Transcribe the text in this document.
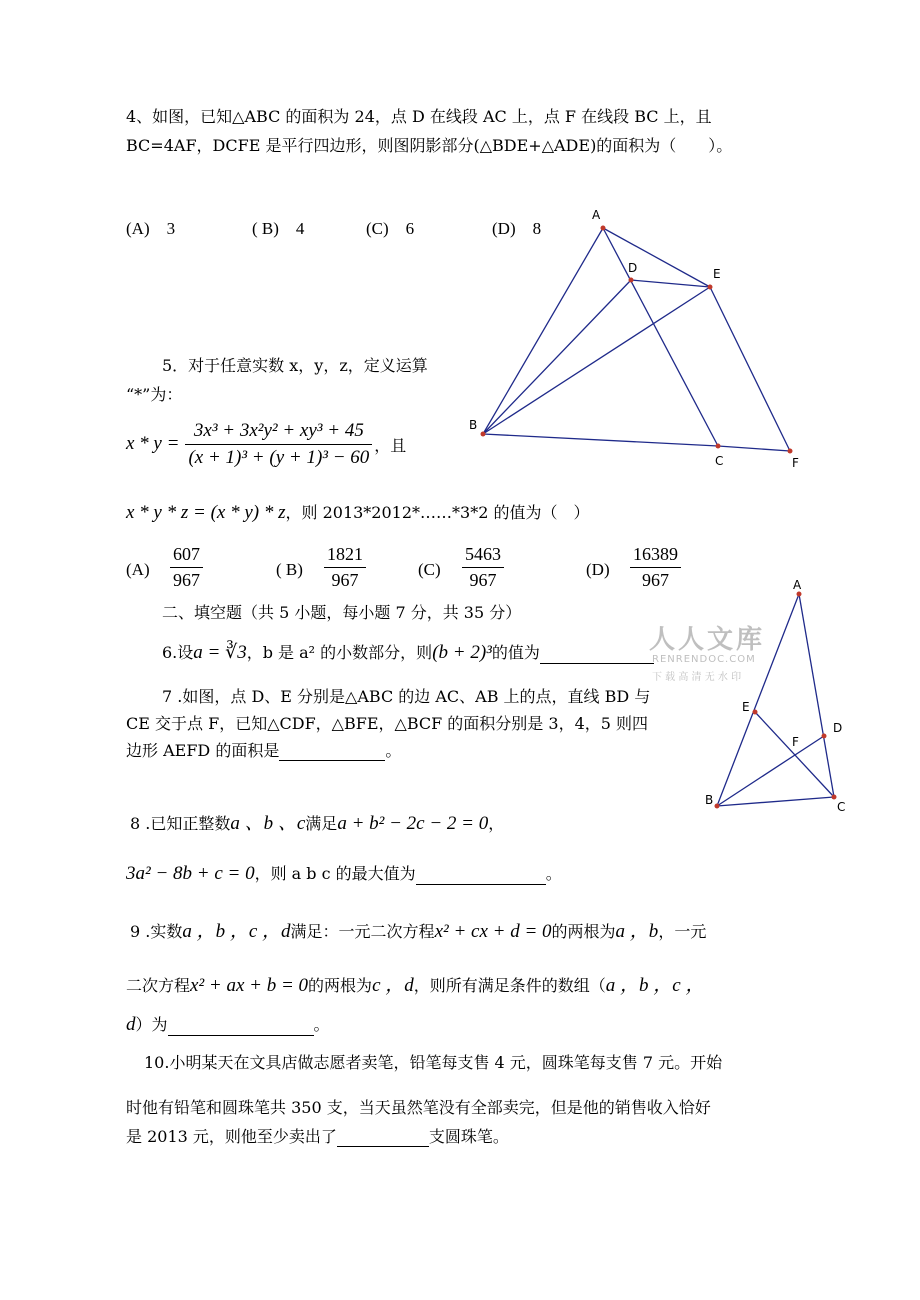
4、如图，已知△ABC 的面积为 24，点 D 在线段 AC 上，点 F 在线段 BC 上，且
BC=4AF，DCFE 是平行四边形，则图阴影部分(△BDE+△ADE)的面积为（　　）。
(A)　3	( B)　4	(C)　6	(D)　8
A
D	E
B
C	F
5．对于任意实数 x，y，z，定义运算
“*”为：
$x * y = \frac{\text{3x³ + 3x²y² + xy³ + 45}}{\text{(x + 1)³ + (y + 1)³ − 60}}$ ，且
x * y * z = (x * y) * z，则 2013*2012*……*3*2 的值为（　）
$(A) \frac{607}{967}$	( $B) \frac{1821}{967}$	$(C) \frac{5463}{967}$	$(D) \frac{16389}{967}$
二、填空题（共 5 小题，每小题 7 分，共 35 分）
6.设a = ∛3，b 是 a² 的小数部分，则(b + 2)³的值为	人人文库
RENRENDOC.COM
下 载 高 清 无 水 印
7 .如图，点 D、E 分别是△ABC 的边 AC、AB 上的点，直线 BD 与
CE 交于点 F，已知△CDF，△BFE，△BCF 的面积分别是 3，4，5 则四
边形 AEFD 的面积是	。
A
E
D
F
B	C
8 .已知正整数a 、b 、c满足a + b² − 2c − 2 = 0，
3a² − 8b + c = 0，则 a b c 的最大值为	。
9 .实数a ，b ，c ，d满足：一元二次方程x² + cx + d = 0的两根为a ，b，一元
二次方程x² + ax + b = 0的两根为c ，d，则所有满足条件的数组（a ，b ，c ，
d）为	。
10.小明某天在文具店做志愿者卖笔，铅笔每支售 4 元，圆珠笔每支售 7 元。开始
时他有铅笔和圆珠笔共 350 支，当天虽然笔没有全部卖完，但是他的销售收入恰好
是 2013 元，则他至少卖出了	支圆珠笔。
